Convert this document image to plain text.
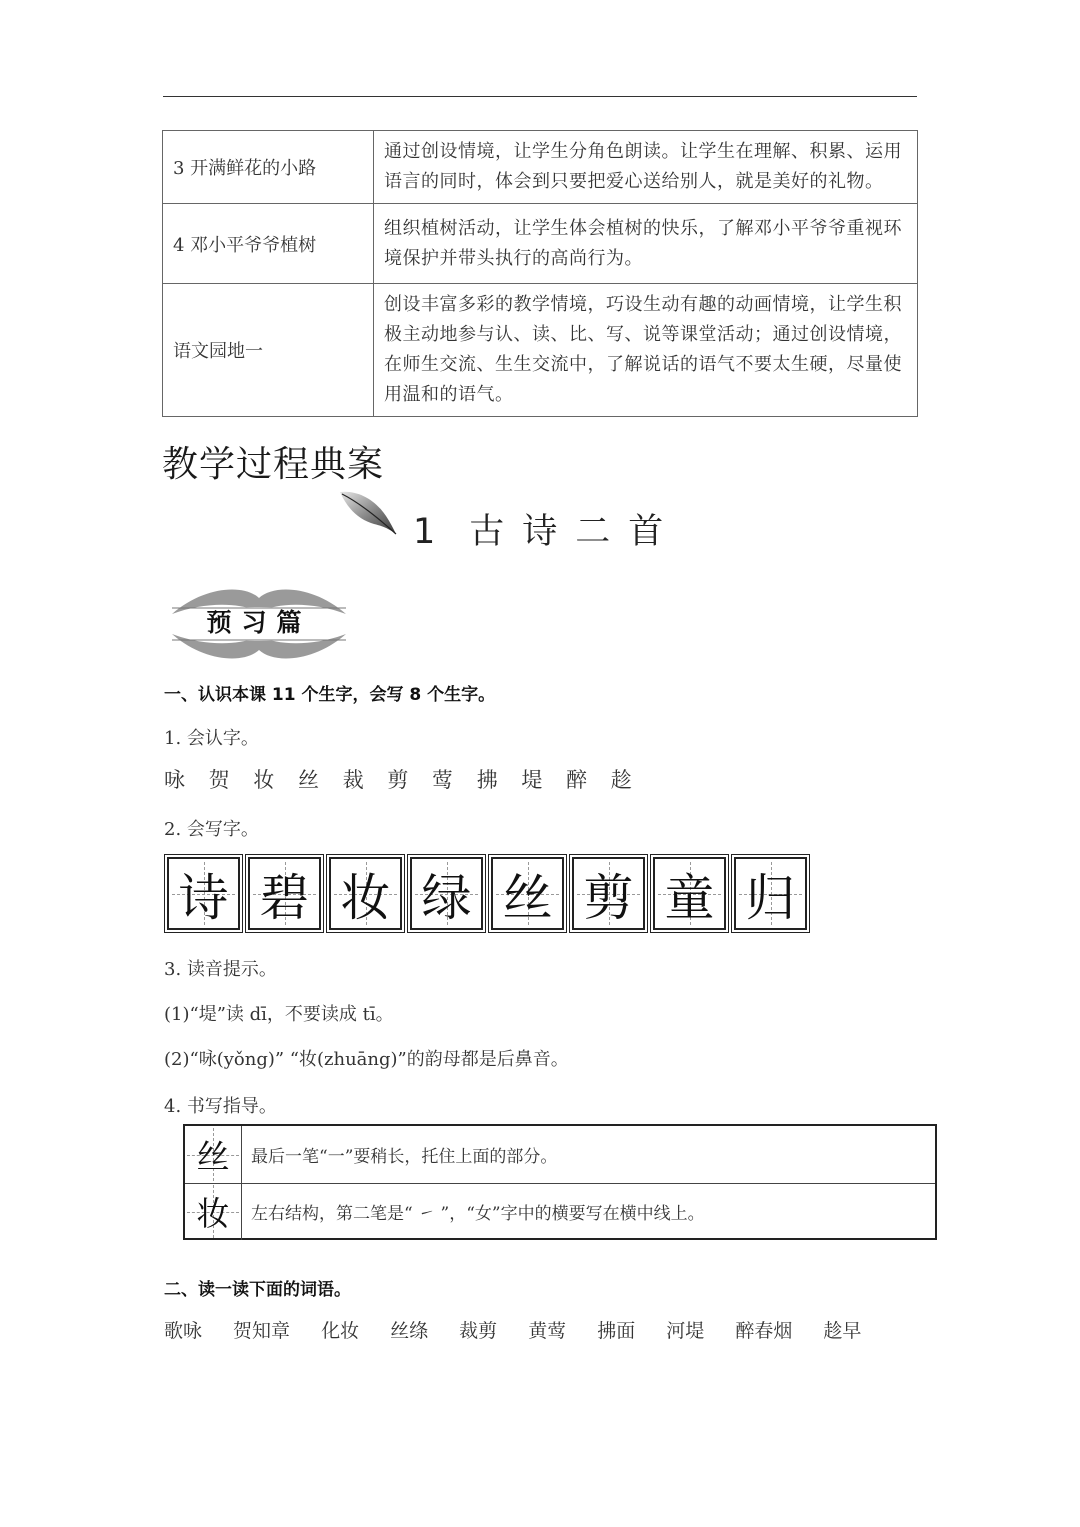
3 开满鲜花的小路	通过创设情境，让学生分角色朗读。让学生在理解、积累、运用
语言的同时，体会到只要把爱心送给别人，就是美好的礼物。

4 邓小平爷爷植树	组织植树活动，让学生体会植树的快乐，了解邓小平爷爷重视环
境保护并带头执行的高尚行为。

语文园地一	创设丰富多彩的教学情境，巧设生动有趣的动画情境，让学生积
极主动地参与认、读、比、写、说等课堂活动；通过创设情境，
在师生交流、生生交流中，了解说话的语气不要太生硬，尽量使
用温和的语气。
教学过程典案
1 古诗二首
预习篇
一、认识本课 11 个生字，会写 8 个生字。
1. 会认字。
咏 贺 妆 丝 裁 剪 莺 拂 堤 醉 趁
2. 会写字。
诗 碧 妆 绿 丝 剪 童 归
3. 读音提示。
(1)“堤”读 dī，不要读成 tī。
(2)“咏(yǒng)” “妆(zhuāng)”的韵母都是后鼻音。
4. 书写指导。
丝	最后一笔“一”要稍长，托住上面的部分。
妆	左右结构，第二笔是“ ㇀ ”，“女”字中的横要写在横中线上。
二、读一读下面的词语。
歌咏 贺知章 化妆 丝绦 裁剪 黄莺 拂面 河堤 醉春烟 趁早
